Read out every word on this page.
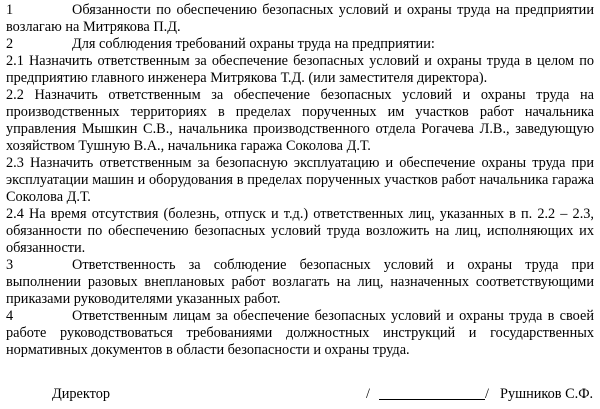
1	Обязанности по обеспечению безопасных условий и охраны труда на предприятии возлагаю на Митрякова П.Д.

2	Для соблюдения требований охраны труда на предприятии:

2.1 Назначить ответственным за обеспечение безопасных условий и охраны труда в целом по предприятию главного инженера Митрякова Т.Д. (или заместителя директора).

2.2 Назначить ответственным за обеспечение безопасных условий и охраны труда на производственных территориях в пределах порученных им участков работ начальника управления Мышкин С.В., начальника производственного отдела Рогачева Л.В., заведующую хозяйством Тушную В.А., начальника гаража Соколова Д.Т.

2.3 Назначить ответственным за безопасную эксплуатацию и обеспечение охраны труда при эксплуатации машин и оборудования в пределах порученных участков работ начальника гаража Соколова Д.Т.

2.4 На время отсутствия (болезнь, отпуск и т.д.) ответственных лиц, указанных в п. 2.2 – 2.3, обязанности по обеспечению безопасных условий труда возложить на лиц, исполняющих их обязанности.

3	Ответственность за соблюдение безопасных условий и охраны труда при выполнении разовых внеплановых работ возлагать на лиц, назначенных соответствующими приказами руководителями указанных работ.

4	Ответственным лицам за обеспечение безопасных условий и охраны труда в своей работе руководствоваться требованиями должностных инструкций и государственных нормативных документов в области безопасности и охраны труда.

Директор	/	/ Рушников С.Ф.
